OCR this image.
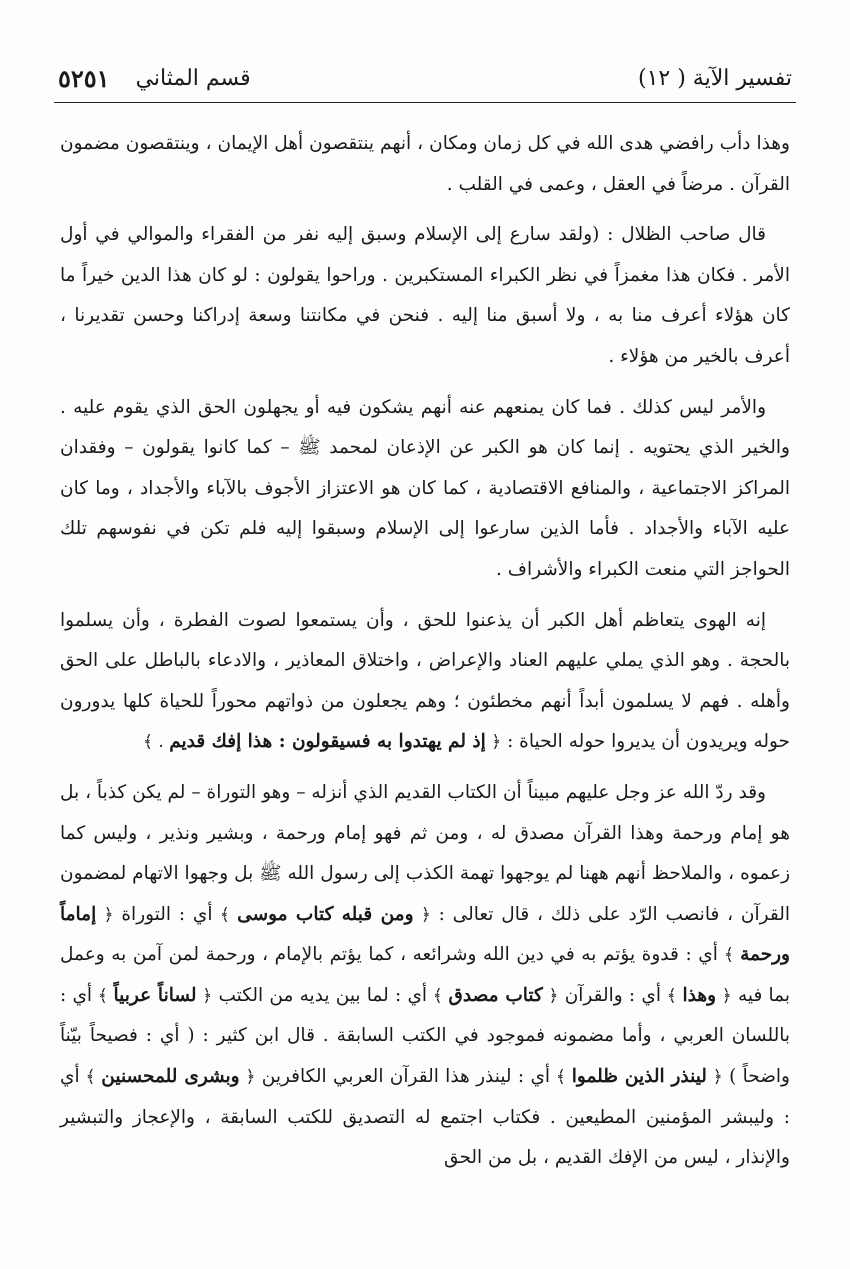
تفسير الآية ( ١٢)
قسم المثاني
٥٢٥١

وهذا دأب رافضي هدى الله في كل زمان ومكان ، أنهم ينتقصون أهل الإيمان ، وينتقصون مضمون القرآن . مرضاً في العقل ، وعمى في القلب .

قال صاحب الظلال : (ولقد سارع إلى الإسلام وسبق إليه نفر من الفقراء والموالي في أول الأمر . فكان هذا مغمزاً في نظر الكبراء المستكبرين . وراحوا يقولون : لو كان هذا الدين خيراً ما كان هؤلاء أعرف منا به ، ولا أسبق منا إليه . فنحن في مكانتنا وسعة إدراكنا وحسن تقديرنا ، أعرف بالخير من هؤلاء .

والأمر ليس كذلك . فما كان يمنعهم عنه أنهم يشكون فيه أو يجهلون الحق الذي يقوم عليه . والخير الذي يحتويه . إنما كان هو الكبر عن الإذعان لمحمد ﷺ – كما كانوا يقولون – وفقدان المراكز الاجتماعية ، والمنافع الاقتصادية ، كما كان هو الاعتزاز الأجوف بالآباء والأجداد ، وما كان عليه الآباء والأجداد . فأما الذين سارعوا إلى الإسلام وسبقوا إليه فلم تكن في نفوسهم تلك الحواجز التي منعت الكبراء والأشراف .

إنه الهوى يتعاظم أهل الكبر أن يذعنوا للحق ، وأن يستمعوا لصوت الفطرة ، وأن يسلموا بالحجة . وهو الذي يملي عليهم العناد والإعراض ، واختلاق المعاذير ، والادعاء بالباطل على الحق وأهله . فهم لا يسلمون أبداً أنهم مخطئون ؛ وهم يجعلون من ذواتهم محوراً للحياة كلها يدورون حوله ويريدون أن يديروا حوله الحياة : ﴿ إذ لم يهتدوا به فسيقولون : هذا إفك قديم . ﴾

وقد ردّ الله عز وجل عليهم مبيناً أن الكتاب القديم الذي أنزله – وهو التوراة – لم يكن كذباً ، بل هو إمام ورحمة وهذا القرآن مصدق له ، ومن ثم فهو إمام ورحمة ، وبشير ونذير ، وليس كما زعموه ، والملاحظ أنهم ههنا لم يوجهوا تهمة الكذب إلى رسول الله ﷺ بل وجهوا الاتهام لمضمون القرآن ، فانصب الرّد على ذلك ، قال تعالى : ﴿ ومن قبله كتاب موسى ﴾ أي : التوراة ﴿ إماماً ورحمة ﴾ أي : قدوة يؤتم به في دين الله وشرائعه ، كما يؤتم بالإمام ، ورحمة لمن آمن به وعمل بما فيه ﴿ وهذا ﴾ أي : والقرآن ﴿ كتاب مصدق ﴾ أي : لما بين يديه من الكتب ﴿ لساناً عربياً ﴾ أي : باللسان العربي ، وأما مضمونه فموجود في الكتب السابقة . قال ابن كثير : ( أي : فصيحاً بيّناً واضحاً ) ﴿ لينذر الذين ظلموا ﴾ أي : لينذر هذا القرآن العربي الكافرين ﴿ وبشرى للمحسنين ﴾ أي : وليبشر المؤمنين المطيعين . فكتاب اجتمع له التصديق للكتب السابقة ، والإعجاز والتبشير والإنذار ، ليس من الإفك القديم ، بل من الحق
